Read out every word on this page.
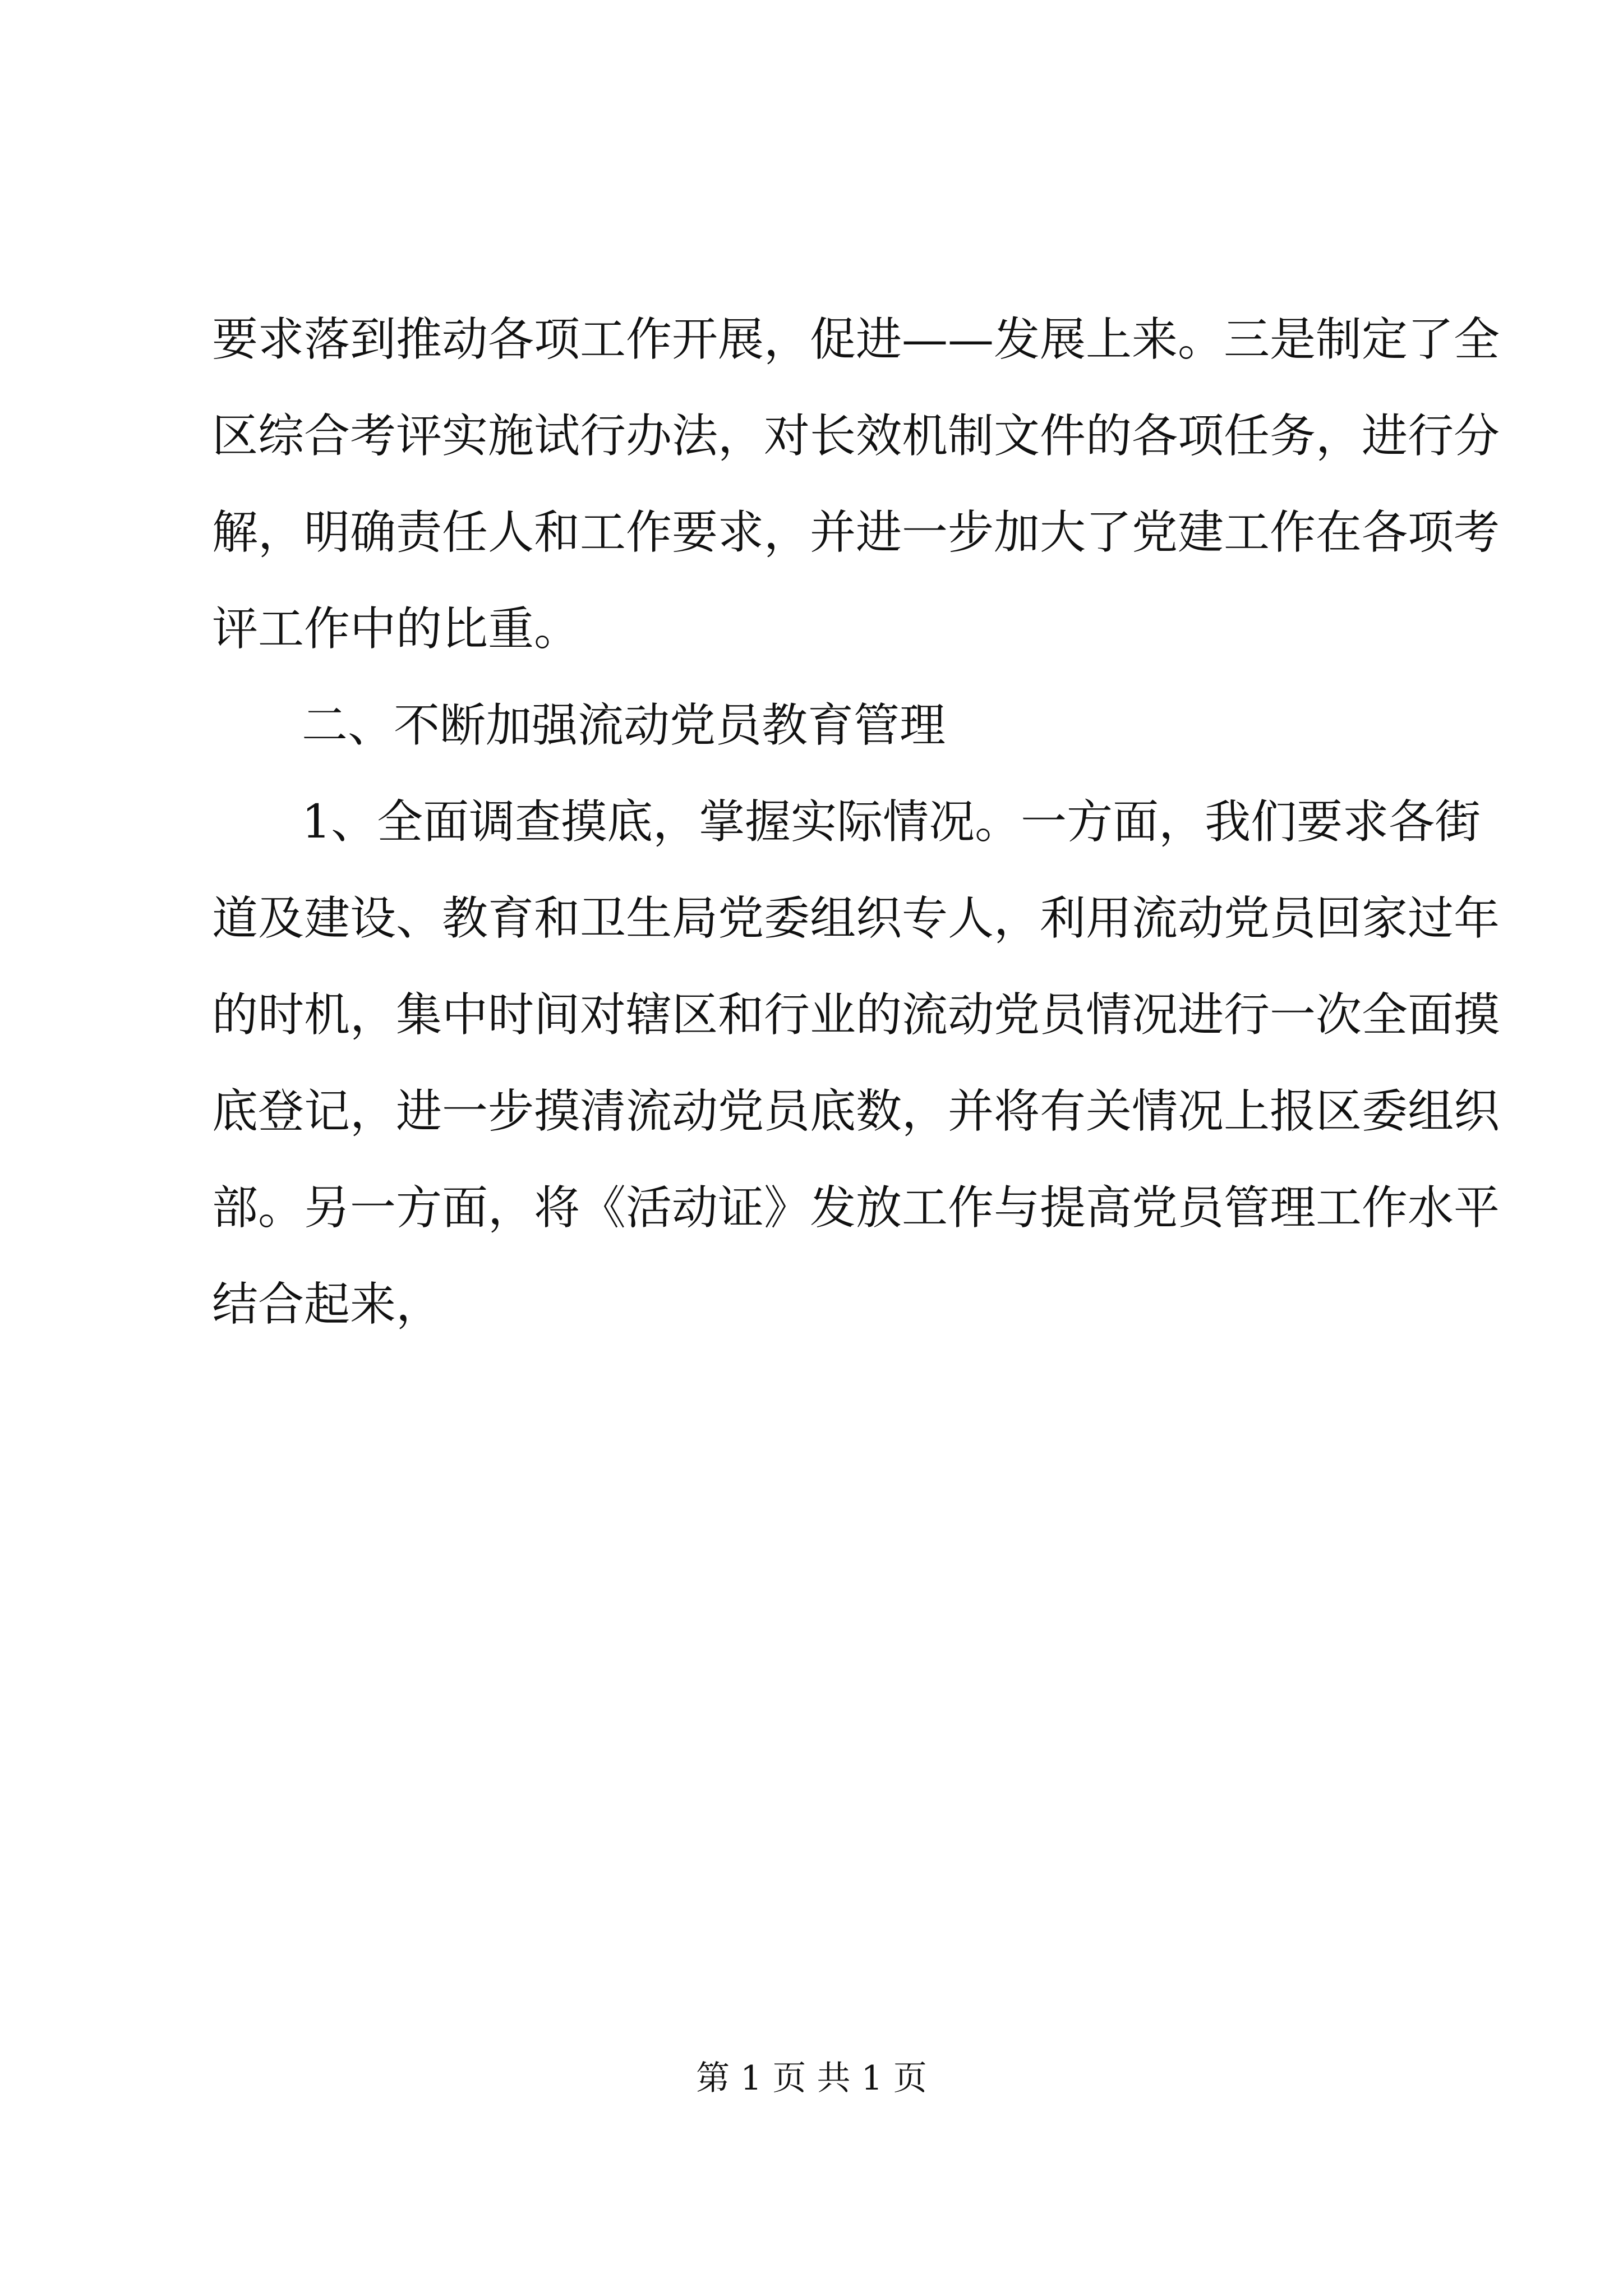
要求落到推动各项工作开展，促进——发展上来。三是制定了全
区综合考评实施试行办法，对长效机制文件的各项任务，进行分
解，明确责任人和工作要求，并进一步加大了党建工作在各项考
评工作中的比重。
二、不断加强流动党员教育管理
1、全面调查摸底，掌握实际情况。一方面，我们要求各街
道及建设、教育和卫生局党委组织专人，利用流动党员回家过年
的时机，集中时间对辖区和行业的流动党员情况进行一次全面摸
底登记，进一步摸清流动党员底数，并将有关情况上报区委组织
部。另一方面，将《活动证》发放工作与提高党员管理工作水平
结合起来，
第 1 页 共 1 页
